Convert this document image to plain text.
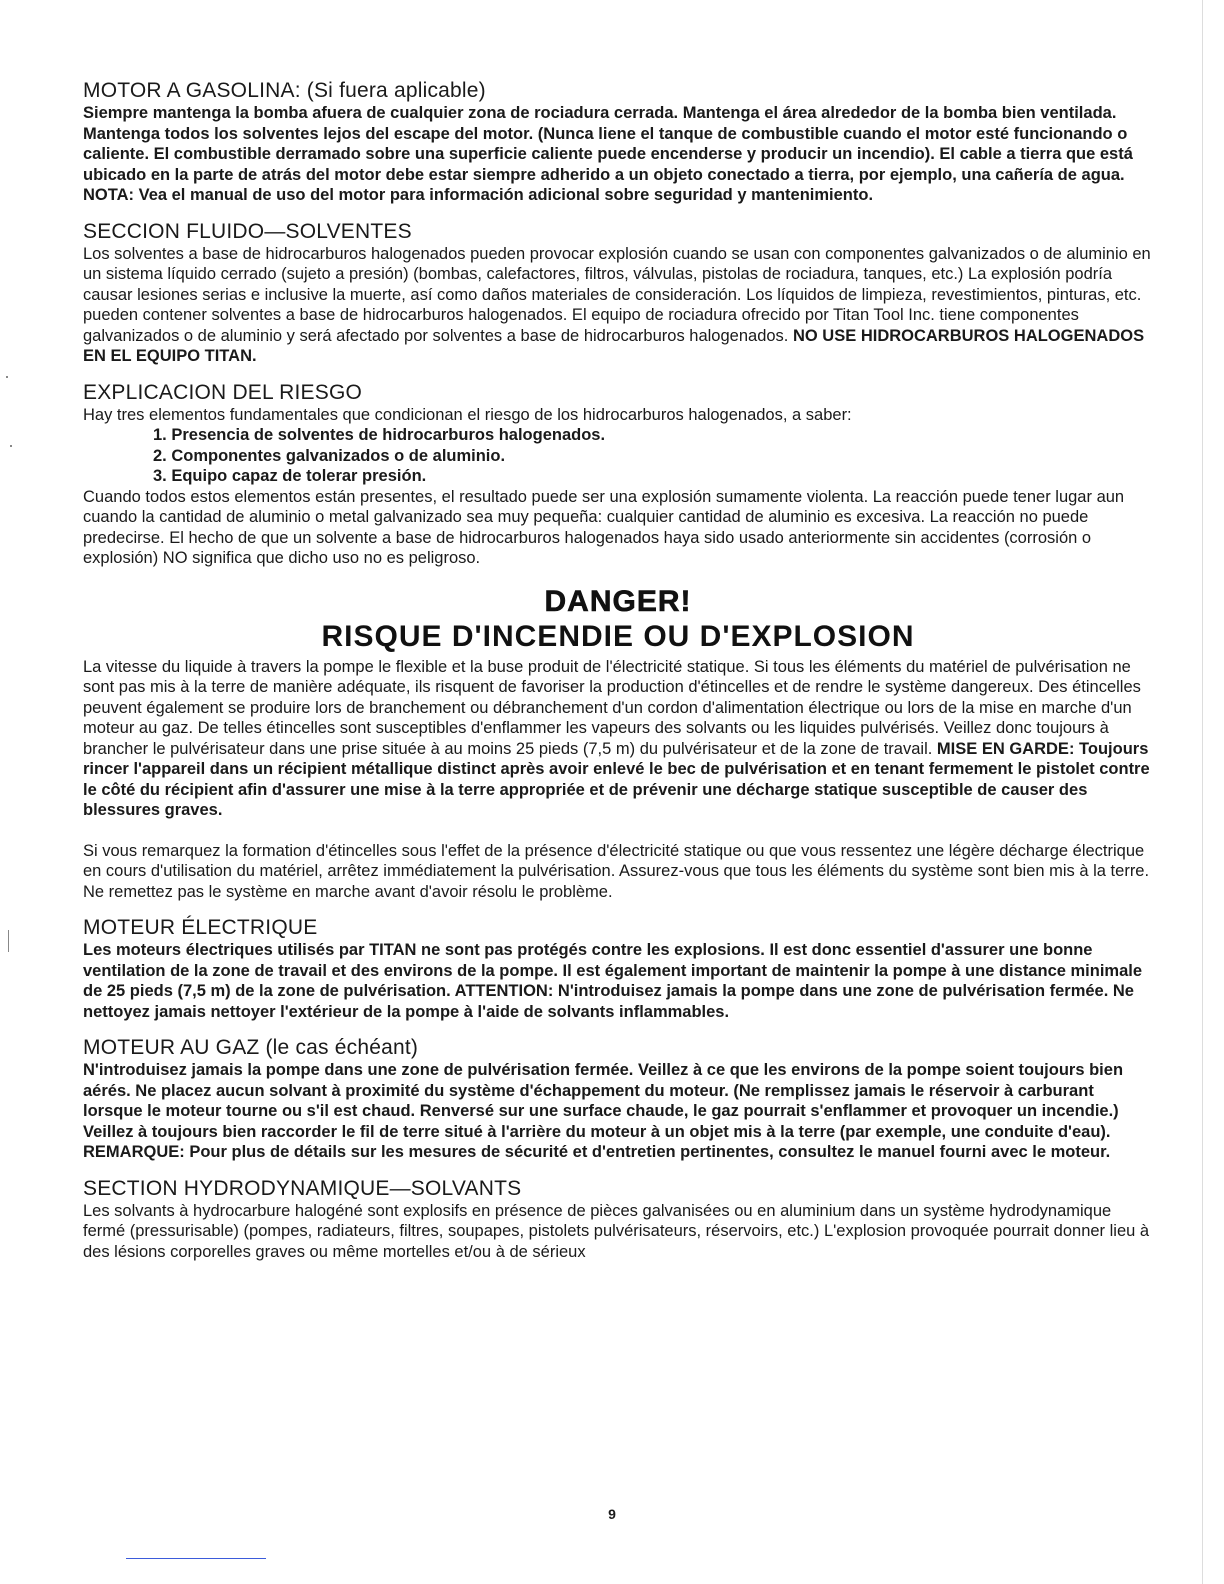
MOTOR A GASOLINA: (Si fuera aplicable)

Siempre mantenga la bomba afuera de cualquier zona de rociadura cerrada. Mantenga el área alrededor de la bomba bien ventilada. Mantenga todos los solventes lejos del escape del motor. (Nunca liene el tanque de combustible cuando el motor esté funcionando o caliente. El combustible derramado sobre una superficie caliente puede encenderse y producir un incendio). El cable a tierra que está ubicado en la parte de atrás del motor debe estar siempre adherido a un objeto conectado a tierra, por ejemplo, una cañería de agua. NOTA: Vea el manual de uso del motor para información adicional sobre seguridad y mantenimiento.

SECCION FLUIDO—SOLVENTES

Los solventes a base de hidrocarburos halogenados pueden provocar explosión cuando se usan con componentes galvanizados o de aluminio en un sistema líquido cerrado (sujeto a presión) (bombas, calefactores, filtros, válvulas, pistolas de rociadura, tanques, etc.) La explosión podría causar lesiones serias e inclusive la muerte, así como daños materiales de consideración. Los líquidos de limpieza, revestimientos, pinturas, etc. pueden contener solventes a base de hidrocarburos halogenados. El equipo de rociadura ofrecido por Titan Tool Inc. tiene componentes galvanizados o de aluminio y será afectado por solventes a base de hidrocarburos halogenados. NO USE HIDROCARBUROS HALOGENADOS EN EL EQUIPO TITAN.

EXPLICACION DEL RIESGO

Hay tres elementos fundamentales que condicionan el riesgo de los hidrocarburos halogenados, a saber:

1. Presencia de solventes de hidrocarburos halogenados.
2. Componentes galvanizados o de aluminio.
3. Equipo capaz de tolerar presión.

Cuando todos estos elementos están presentes, el resultado puede ser una explosión sumamente violenta. La reacción puede tener lugar aun cuando la cantidad de aluminio o metal galvanizado sea muy pequeña: cualquier cantidad de aluminio es excesiva. La reacción no puede predecirse. El hecho de que un solvente a base de hidrocarburos halogenados haya sido usado anteriormente sin accidentes (corrosión o explosión) NO significa que dicho uso no es peligroso.

DANGER!
RISQUE D'INCENDIE OU D'EXPLOSION

La vitesse du liquide à travers la pompe le flexible et la buse produit de l'électricité statique. Si tous les éléments du matériel de pulvérisation ne sont pas mis à la terre de manière adéquate, ils risquent de favoriser la production d'étincelles et de rendre le système dangereux. Des étincelles peuvent également se produire lors de branchement ou débranchement d'un cordon d'alimentation électrique ou lors de la mise en marche d'un moteur au gaz. De telles étincelles sont susceptibles d'enflammer les vapeurs des solvants ou les liquides pulvérisés. Veillez donc toujours à brancher le pulvérisateur dans une prise située à au moins 25 pieds (7,5 m) du pulvérisateur et de la zone de travail. MISE EN GARDE: Toujours rincer l'appareil dans un récipient métallique distinct après avoir enlevé le bec de pulvérisation et en tenant fermement le pistolet contre le côté du récipient afin d'assurer une mise à la terre appropriée et de prévenir une décharge statique susceptible de causer des blessures graves.

Si vous remarquez la formation d'étincelles sous l'effet de la présence d'électricité statique ou que vous ressentez une légère décharge électrique en cours d'utilisation du matériel, arrêtez immédiatement la pulvérisation. Assurez-vous que tous les éléments du système sont bien mis à la terre. Ne remettez pas le système en marche avant d'avoir résolu le problème.

MOTEUR ÉLECTRIQUE

Les moteurs électriques utilisés par TITAN ne sont pas protégés contre les explosions. Il est donc essentiel d'assurer une bonne ventilation de la zone de travail et des environs de la pompe. Il est également important de maintenir la pompe à une distance minimale de 25 pieds (7,5 m) de la zone de pulvérisation. ATTENTION: N'introduisez jamais la pompe dans une zone de pulvérisation fermée. Ne nettoyez jamais nettoyer l'extérieur de la pompe à l'aide de solvants inflammables.

MOTEUR AU GAZ (le cas échéant)

N'introduisez jamais la pompe dans une zone de pulvérisation fermée. Veillez à ce que les environs de la pompe soient toujours bien aérés. Ne placez aucun solvant à proximité du système d'échappement du moteur. (Ne remplissez jamais le réservoir à carburant lorsque le moteur tourne ou s'il est chaud. Renversé sur une surface chaude, le gaz pourrait s'enflammer et provoquer un incendie.) Veillez à toujours bien raccorder le fil de terre situé à l'arrière du moteur à un objet mis à la terre (par exemple, une conduite d'eau). REMARQUE: Pour plus de détails sur les mesures de sécurité et d'entretien pertinentes, consultez le manuel fourni avec le moteur.

SECTION HYDRODYNAMIQUE—SOLVANTS

Les solvants à hydrocarbure halogéné sont explosifs en présence de pièces galvanisées ou en aluminium dans un système hydrodynamique fermé (pressurisable) (pompes, radiateurs, filtres, soupapes, pistolets pulvérisateurs, réservoirs, etc.) L'explosion provoquée pourrait donner lieu à des lésions corporelles graves ou même mortelles et/ou à de sérieux

9
